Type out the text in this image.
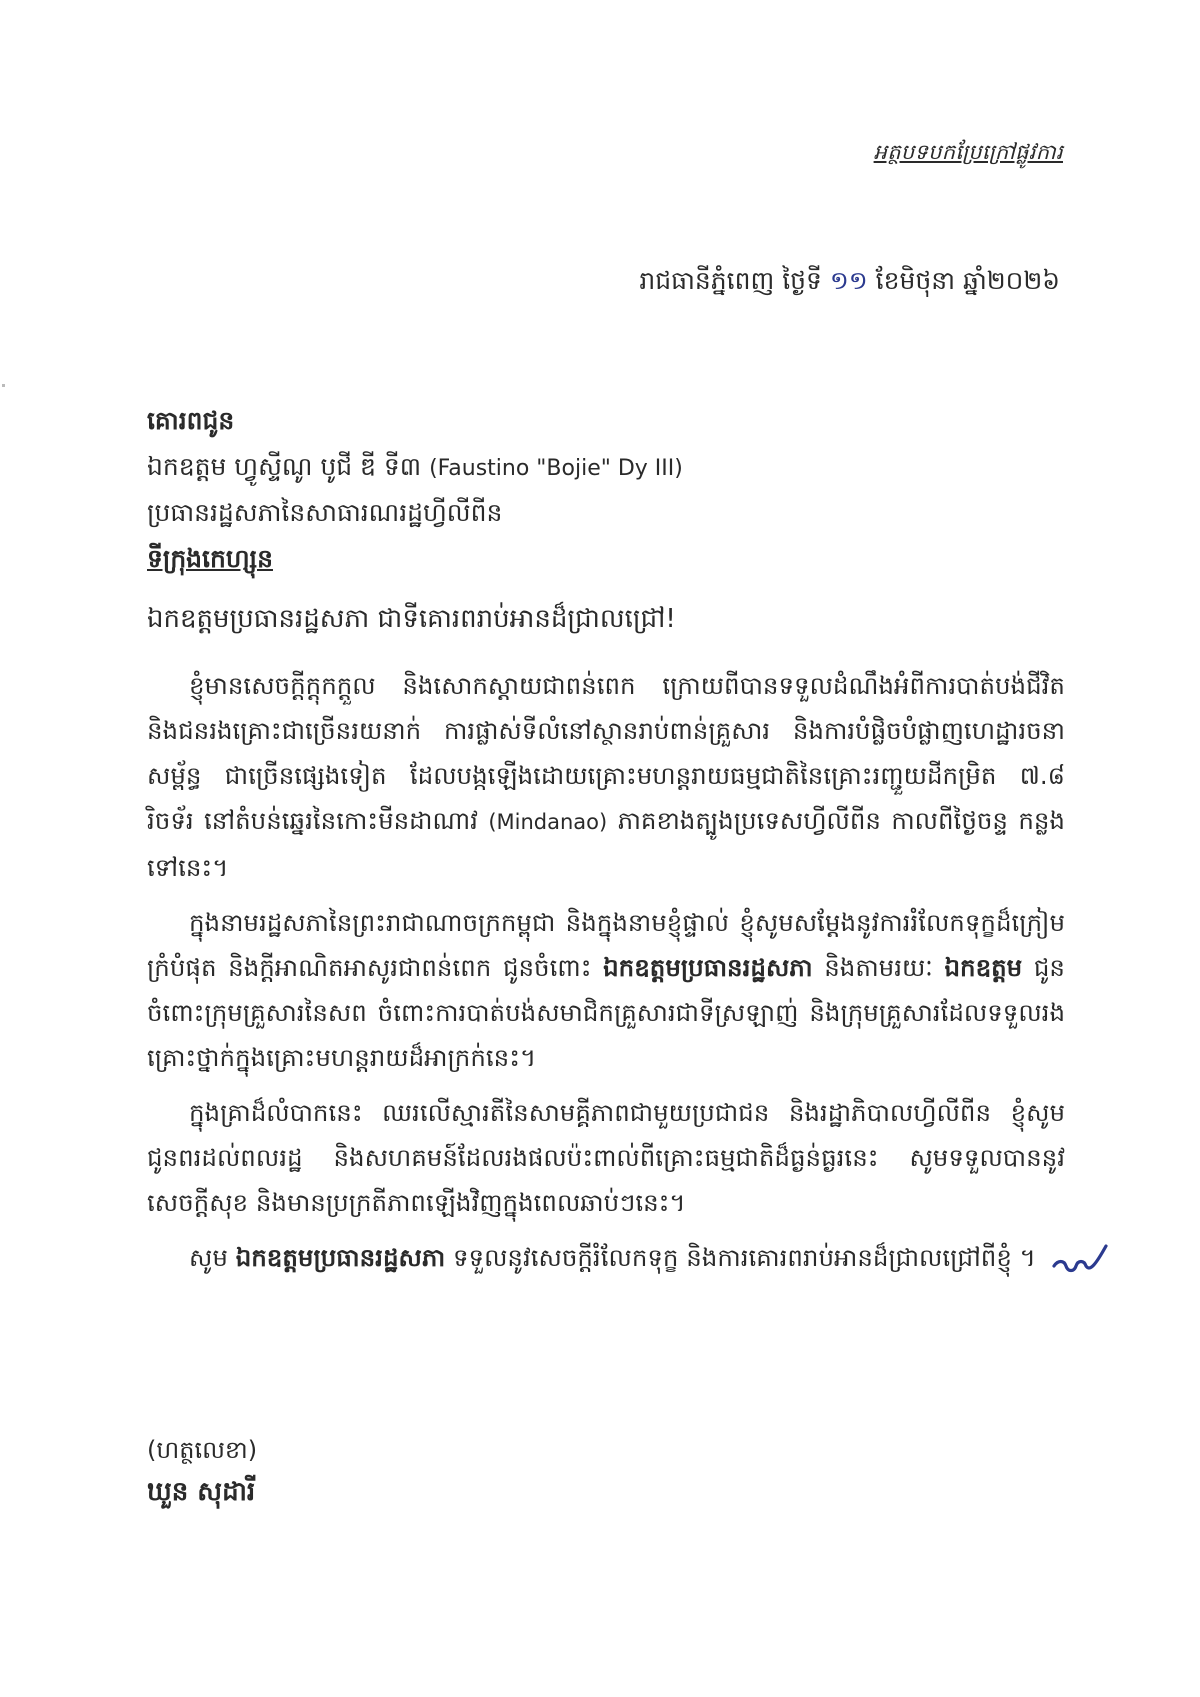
អត្ថបទបកប្រែក្រៅផ្លូវការ
រាជធានីភ្នំពេញ ថ្ងៃទី ១១ ខែមិថុនា ឆ្នាំ២០២៦
គោរពជូន
ឯកឧត្តម ហ្វូស្ទីណូ បូជី ឌី ទី៣ (Faustino "Bojie" Dy III)
ប្រធានរដ្ឋសភានៃសាធារណរដ្ឋហ្វីលីពីន
ទីក្រុងកេហ្សុន
ឯកឧត្តមប្រធានរដ្ឋសភា ជាទីគោរពរាប់អានដ៏ជ្រាលជ្រៅ!

ខ្ញុំមានសេចក្ដីក្ដុកក្ដួល និងសោកស្ដាយជាពន់ពេក ក្រោយពីបានទទួលដំណឹងអំពីការបាត់បង់ជីវិត និងជនរងគ្រោះជាច្រើនរយនាក់ ការផ្លាស់ទីលំនៅស្ថានរាប់ពាន់គ្រួសារ និងការបំផ្លិចបំផ្លាញហេដ្ឋារចនាសម្ព័ន្ធ ជាច្រើនផ្សេងទៀត ដែលបង្កឡើងដោយគ្រោះមហន្តរាយធម្មជាតិនៃគ្រោះរញ្ជួយដីកម្រិត ៧.៨ រិចទ័រ នៅតំបន់ឆ្នេរនៃកោះមីនដាណាវ (Mindanao) ភាគខាងត្បូងប្រទេសហ្វីលីពីន កាលពីថ្ងៃចន្ទ កន្លងទៅនេះ។

ក្នុងនាមរដ្ឋសភានៃព្រះរាជាណាចក្រកម្ពុជា និងក្នុងនាមខ្ញុំផ្ទាល់ ខ្ញុំសូមសម្ដែងនូវការរំលែកទុក្ខដ៏ក្រៀមក្រំបំផុត និងក្ដីអាណិតអាសូរជាពន់ពេក ជូនចំពោះ ឯកឧត្តមប្រធានរដ្ឋសភា និងតាមរយៈ ឯកឧត្តម ជូនចំពោះក្រុមគ្រួសារនៃសព ចំពោះការបាត់បង់សមាជិកគ្រួសារជាទីស្រឡាញ់ និងក្រុមគ្រួសារដែលទទួលរងគ្រោះថ្នាក់ក្នុងគ្រោះមហន្តរាយដ៏អាក្រក់នេះ។

ក្នុងគ្រាដ៏លំបាកនេះ ឈរលើស្មារតីនៃសាមគ្គីភាពជាមួយប្រជាជន និងរដ្ឋាភិបាលហ្វីលីពីន ខ្ញុំសូមជូនពរដល់ពលរដ្ឋ និងសហគមន៍ដែលរងផលប៉ះពាល់ពីគ្រោះធម្មជាតិដ៏ធ្ងន់ធ្ងរនេះ សូមទទួលបាននូវសេចក្ដីសុខ និងមានប្រក្រតីភាពឡើងវិញក្នុងពេលឆាប់ៗនេះ។

សូម ឯកឧត្តមប្រធានរដ្ឋសភា ទទួលនូវសេចក្ដីរំលែកទុក្ខ និងការគោរពរាប់អានដ៏ជ្រាលជ្រៅពីខ្ញុំ ។
(ហត្ថលេខា)
ឃួន សុដារី
